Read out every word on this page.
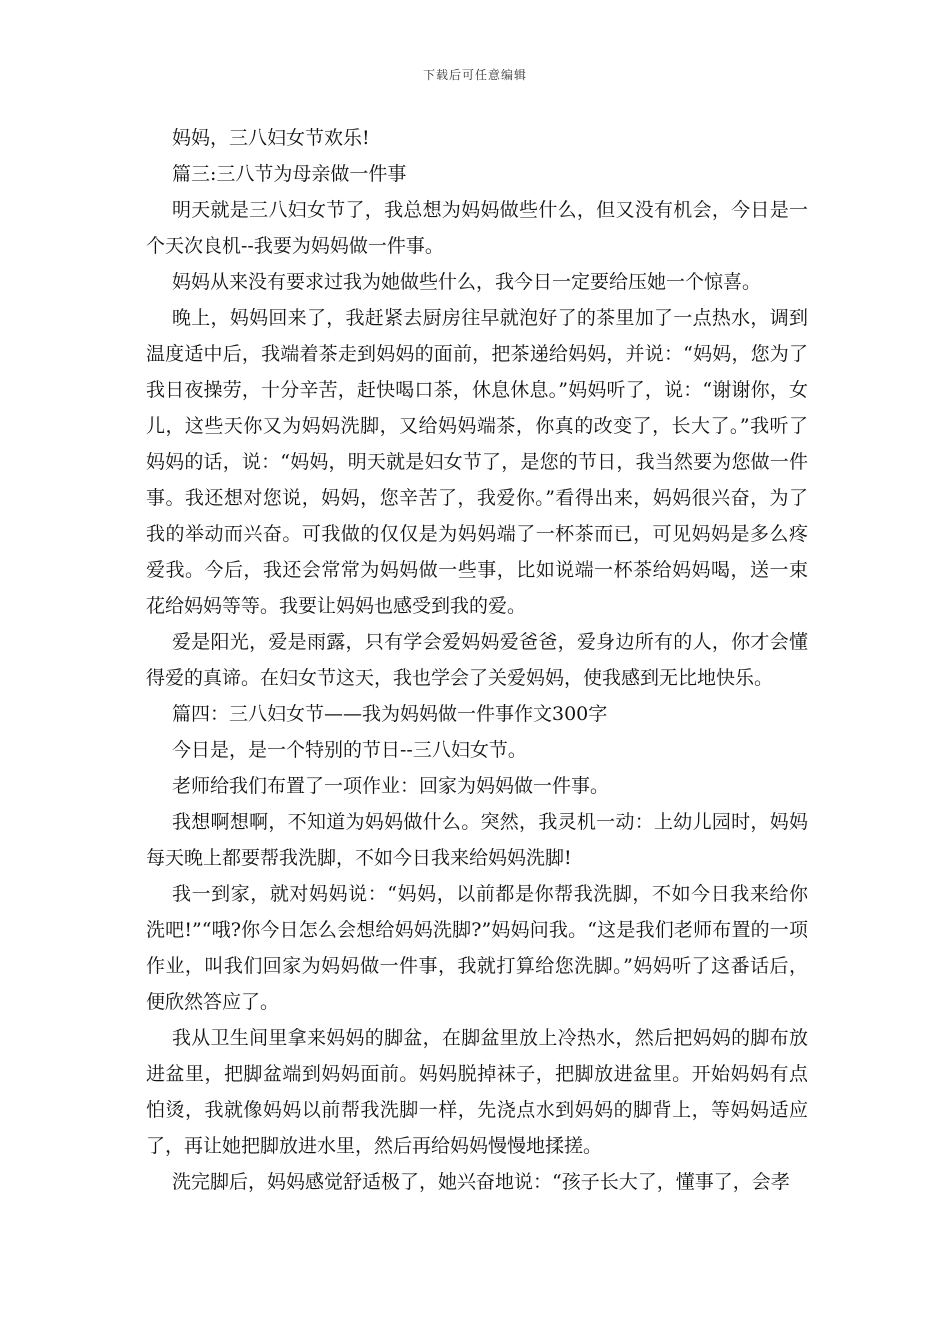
下载后可任意编辑

妈妈，三八妇女节欢乐!

篇三:三八节为母亲做一件事

明天就是三八妇女节了，我总想为妈妈做些什么，但又没有机会，今日是一个天次良机--我要为妈妈做一件事。

妈妈从来没有要求过我为她做些什么，我今日一定要给压她一个惊喜。

晚上，妈妈回来了，我赶紧去厨房往早就泡好了的茶里加了一点热水，调到温度适中后，我端着茶走到妈妈的面前，把茶递给妈妈，并说：“妈妈，您为了我日夜操劳，十分辛苦，赶快喝口茶，休息休息。”妈妈听了，说：“谢谢你，女儿，这些天你又为妈妈洗脚，又给妈妈端茶，你真的改变了，长大了。”我听了妈妈的话，说：“妈妈，明天就是妇女节了，是您的节日，我当然要为您做一件事。我还想对您说，妈妈，您辛苦了，我爱你。”看得出来，妈妈很兴奋，为了我的举动而兴奋。可我做的仅仅是为妈妈端了一杯茶而已，可见妈妈是多么疼爱我。今后，我还会常常为妈妈做一些事，比如说端一杯茶给妈妈喝，送一束花给妈妈等等。我要让妈妈也感受到我的爱。

爱是阳光，爱是雨露，只有学会爱妈妈爱爸爸，爱身边所有的人，你才会懂得爱的真谛。在妇女节这天，我也学会了关爱妈妈，使我感到无比地快乐。

篇四：三八妇女节——我为妈妈做一件事作文300字

今日是，是一个特别的节日--三八妇女节。

老师给我们布置了一项作业：回家为妈妈做一件事。

我想啊想啊，不知道为妈妈做什么。突然，我灵机一动：上幼儿园时，妈妈每天晚上都要帮我洗脚，不如今日我来给妈妈洗脚!

我一到家，就对妈妈说：“妈妈，以前都是你帮我洗脚，不如今日我来给你洗吧!”“哦?你今日怎么会想给妈妈洗脚?”妈妈问我。“这是我们老师布置的一项作业，叫我们回家为妈妈做一件事，我就打算给您洗脚。”妈妈听了这番话后，便欣然答应了。

我从卫生间里拿来妈妈的脚盆，在脚盆里放上冷热水，然后把妈妈的脚布放进盆里，把脚盆端到妈妈面前。妈妈脱掉袜子，把脚放进盆里。开始妈妈有点怕烫，我就像妈妈以前帮我洗脚一样，先浇点水到妈妈的脚背上，等妈妈适应了，再让她把脚放进水里，然后再给妈妈慢慢地揉搓。

洗完脚后，妈妈感觉舒适极了，她兴奋地说：“孩子长大了，懂事了，会孝
